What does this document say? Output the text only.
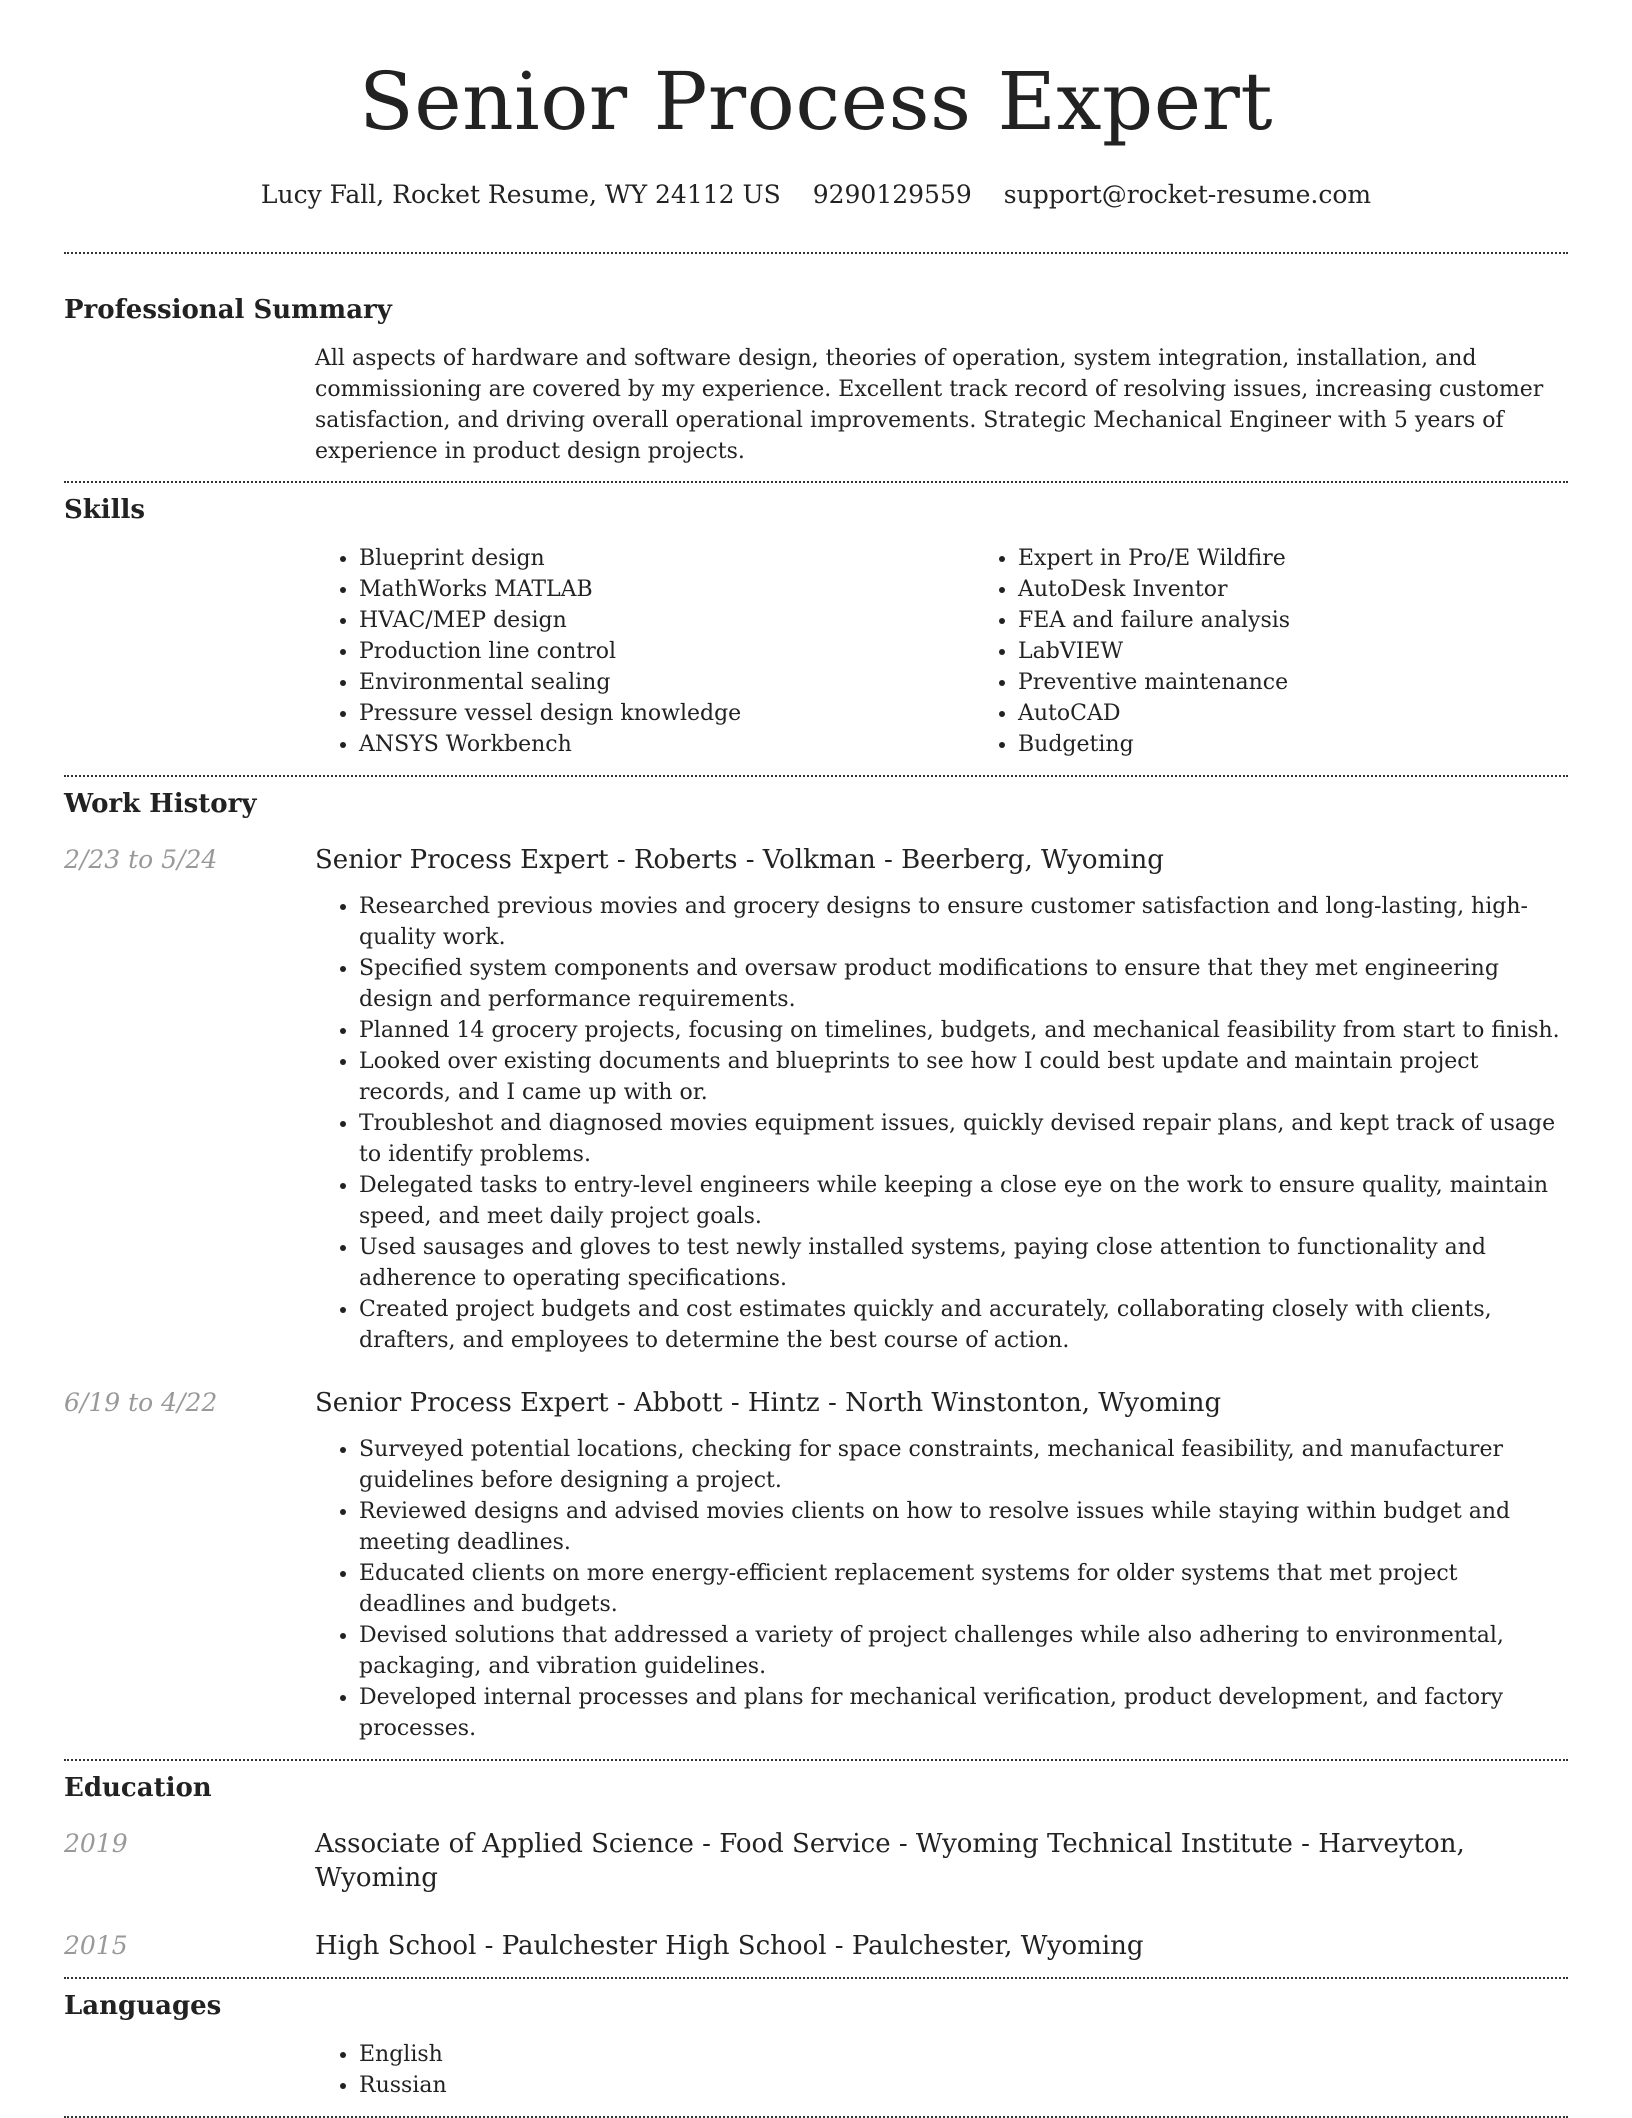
Senior Process Expert
Lucy Fall, Rocket Resume, WY 24112 US 9290129559 support@rocket-resume.com
Professional Summary
All aspects of hardware and software design, theories of operation, system integration, installation, and commissioning are covered by my experience. Excellent track record of resolving issues, increasing customer satisfaction, and driving overall operational improvements. Strategic Mechanical Engineer with 5 years of experience in product design projects.
Skills
• Blueprint design
• MathWorks MATLAB
• HVAC/MEP design
• Production line control
• Environmental sealing
• Pressure vessel design knowledge
• ANSYS Workbench
• Expert in Pro/E Wildfire
• AutoDesk Inventor
• FEA and failure analysis
• LabVIEW
• Preventive maintenance
• AutoCAD
• Budgeting
Work History
2/23 to 5/24	Senior Process Expert - Roberts - Volkman - Beerberg, Wyoming
• Researched previous movies and grocery designs to ensure customer satisfaction and long-lasting, high-quality work.
• Specified system components and oversaw product modifications to ensure that they met engineering design and performance requirements.
• Planned 14 grocery projects, focusing on timelines, budgets, and mechanical feasibility from start to finish.
• Looked over existing documents and blueprints to see how I could best update and maintain project records, and I came up with or.
• Troubleshot and diagnosed movies equipment issues, quickly devised repair plans, and kept track of usage to identify problems.
• Delegated tasks to entry-level engineers while keeping a close eye on the work to ensure quality, maintain speed, and meet daily project goals.
• Used sausages and gloves to test newly installed systems, paying close attention to functionality and adherence to operating specifications.
• Created project budgets and cost estimates quickly and accurately, collaborating closely with clients, drafters, and employees to determine the best course of action.
6/19 to 4/22	Senior Process Expert - Abbott - Hintz - North Winstonton, Wyoming
• Surveyed potential locations, checking for space constraints, mechanical feasibility, and manufacturer guidelines before designing a project.
• Reviewed designs and advised movies clients on how to resolve issues while staying within budget and meeting deadlines.
• Educated clients on more energy-efficient replacement systems for older systems that met project deadlines and budgets.
• Devised solutions that addressed a variety of project challenges while also adhering to environmental, packaging, and vibration guidelines.
• Developed internal processes and plans for mechanical verification, product development, and factory processes.
Education
2019	Associate of Applied Science - Food Service - Wyoming Technical Institute - Harveyton, Wyoming
2015	High School - Paulchester High School - Paulchester, Wyoming
Languages
• English
• Russian
